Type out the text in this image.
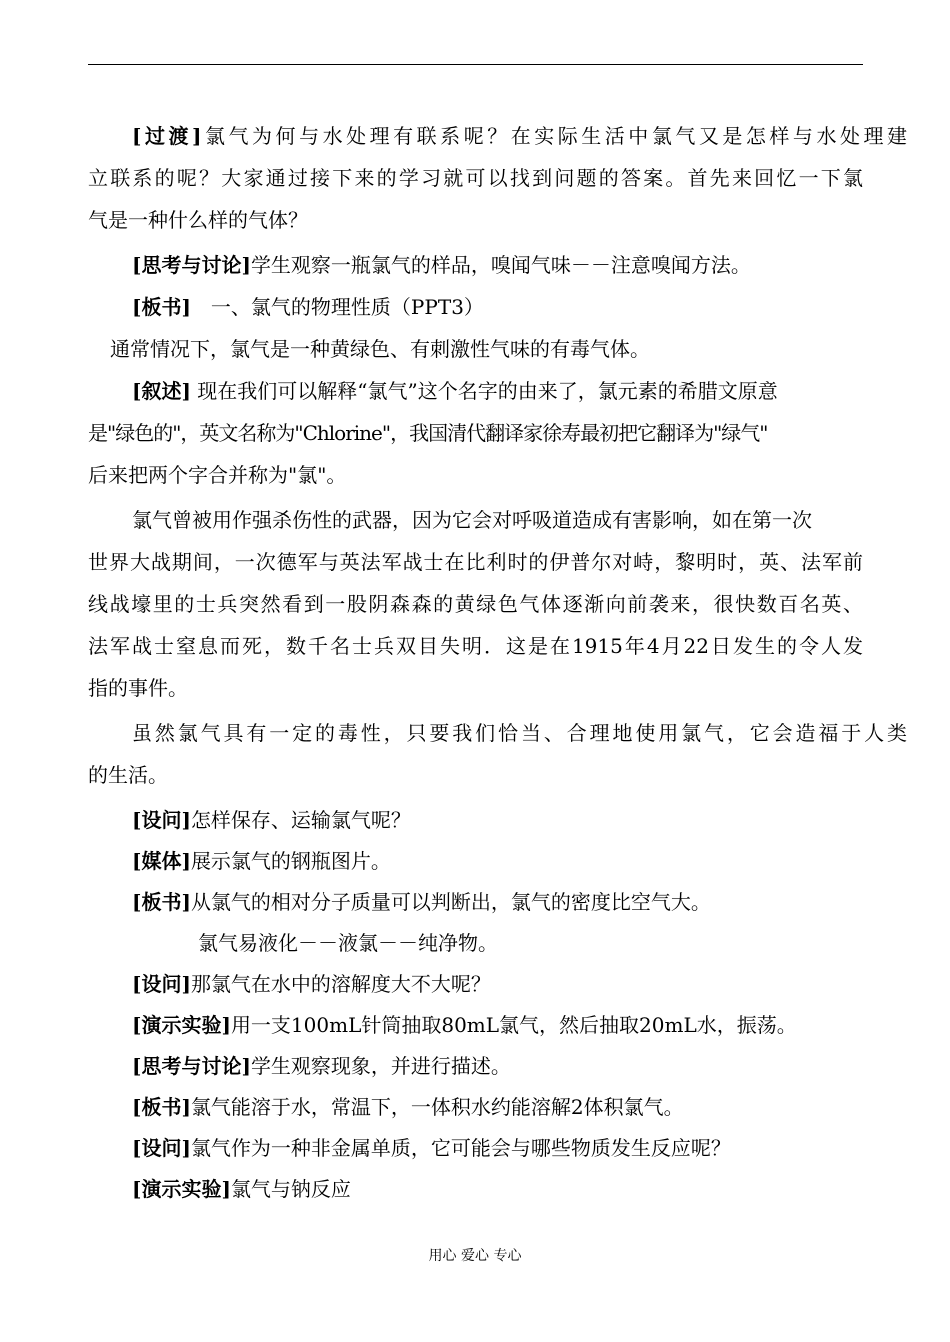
[过渡]氯气为何与水处理有联系呢？在实际生活中氯气又是怎样与水处理建
立联系的呢？大家通过接下来的学习就可以找到问题的答案。首先来回忆一下氯
气是一种什么样的气体？
[思考与讨论]学生观察一瓶氯气的样品，嗅闻气味－－注意嗅闻方法。
[板书]　一、氯气的物理性质（PPT3）
通常情况下，氯气是一种黄绿色、有刺激性气味的有毒气体。
[叙述] 现在我们可以解释“氯气”这个名字的由来了，氯元素的希腊文原意
是"绿色的"，英文名称为"Chlorine"，我国清代翻译家徐寿最初把它翻译为"绿气"
后来把两个字合并称为"氯"。
氯气曾被用作强杀伤性的武器，因为它会对呼吸道造成有害影响，如在第一次
世界大战期间，一次德军与英法军战士在比利时的伊普尔对峙，黎明时，英、法军前
线战壕里的士兵突然看到一股阴森森的黄绿色气体逐渐向前袭来，很快数百名英、
法军战士窒息而死，数千名士兵双目失明．这是在1915年4月22日发生的令人发
指的事件。
虽然氯气具有一定的毒性，只要我们恰当、合理地使用氯气，它会造福于人类
的生活。
[设问]怎样保存、运输氯气呢？
[媒体]展示氯气的钢瓶图片。
[板书]从氯气的相对分子质量可以判断出，氯气的密度比空气大。
氯气易液化－－液氯－－纯净物。
[设问]那氯气在水中的溶解度大不大呢？
[演示实验]用一支100mL针筒抽取80mL氯气，然后抽取20mL水，振荡。
[思考与讨论]学生观察现象，并进行描述。
[板书]氯气能溶于水，常温下，一体积水约能溶解2体积氯气。
[设问]氯气作为一种非金属单质，它可能会与哪些物质发生反应呢？
[演示实验]氯气与钠反应
用心 爱心 专心
